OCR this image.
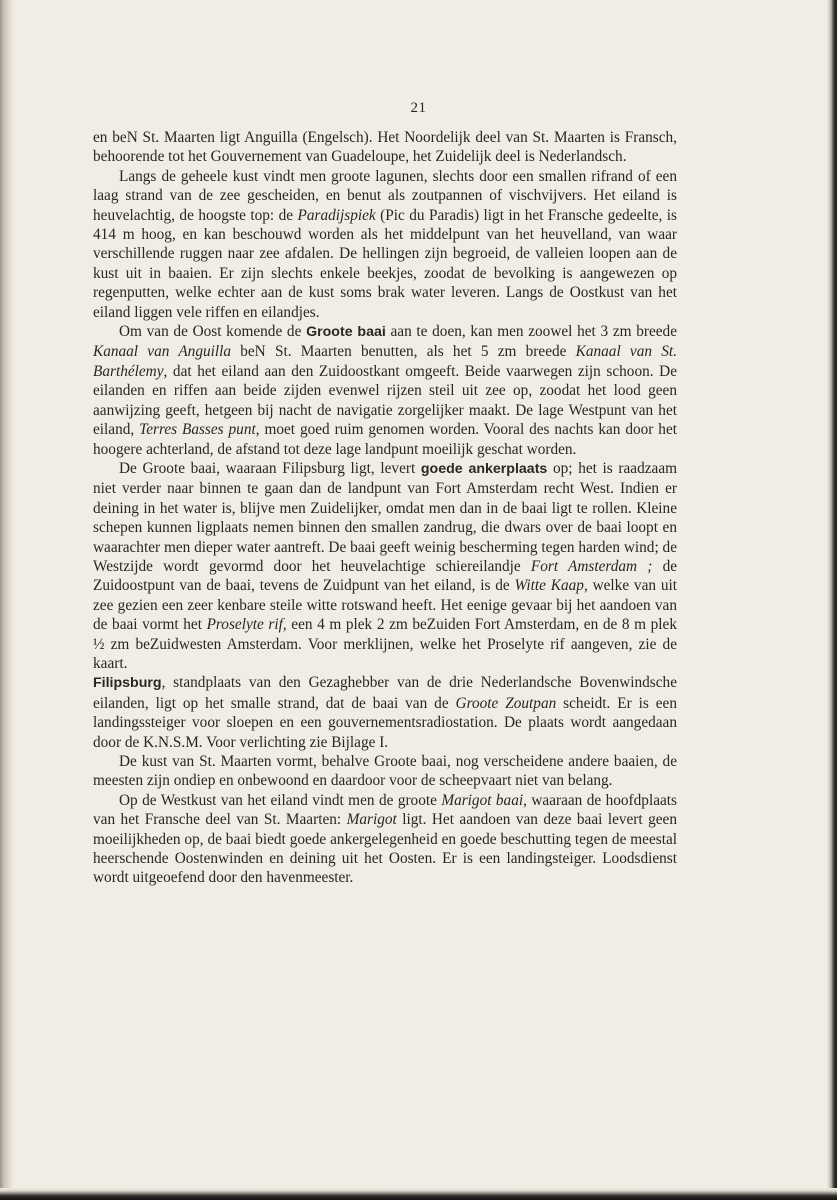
21

en beN St. Maarten ligt Anguilla (Engelsch). Het Noordelijk deel van St. Maarten is Fransch, behoorende tot het Gouvernement van Guadeloupe, het Zuidelijk deel is Nederlandsch.

Langs de geheele kust vindt men groote lagunen, slechts door een smallen rifrand of een laag strand van de zee gescheiden, en benut als zoutpannen of vischvijvers. Het eiland is heuvelachtig, de hoogste top: de Paradijspiek (Pic du Paradis) ligt in het Fransche gedeelte, is 414 m hoog, en kan beschouwd worden als het middelpunt van het heuvelland, van waar verschillende ruggen naar zee afdalen. De hellingen zijn begroeid, de valleien loopen aan de kust uit in baaien. Er zijn slechts enkele beekjes, zoodat de bevolking is aangewezen op regenputten, welke echter aan de kust soms brak water leveren. Langs de Oostkust van het eiland liggen vele riffen en eilandjes.

Om van de Oost komende de Groote baai aan te doen, kan men zoowel het 3 zm breede Kanaal van Anguilla beN St. Maarten benutten, als het 5 zm breede Kanaal van St. Barthélemy, dat het eiland aan den Zuidoostkant omgeeft. Beide vaarwegen zijn schoon. De eilanden en riffen aan beide zijden evenwel rijzen steil uit zee op, zoodat het lood geen aanwijzing geeft, hetgeen bij nacht de navigatie zorgelijker maakt. De lage Westpunt van het eiland, Terres Basses punt, moet goed ruim genomen worden. Vooral des nachts kan door het hoogere achterland, de afstand tot deze lage landpunt moeilijk geschat worden.

De Groote baai, waaraan Filipsburg ligt, levert goede ankerplaats op; het is raadzaam niet verder naar binnen te gaan dan de landpunt van Fort Amsterdam recht West. Indien er deining in het water is, blijve men Zuidelijker, omdat men dan in de baai ligt te rollen. Kleine schepen kunnen ligplaats nemen binnen den smallen zandrug, die dwars over de baai loopt en waarachter men dieper water aantreft. De baai geeft weinig bescherming tegen harden wind; de Westzijde wordt gevormd door het heuvelachtige schiereilandje Fort Amsterdam ; de Zuidoostpunt van de baai, tevens de Zuidpunt van het eiland, is de Witte Kaap, welke van uit zee gezien een zeer kenbare steile witte rotswand heeft. Het eenige gevaar bij het aandoen van de baai vormt het Proselyte rif, een 4 m plek 2 zm beZuiden Fort Amsterdam, en de 8 m plek ½ zm beZuidwesten Amsterdam. Voor merklijnen, welke het Proselyte rif aangeven, zie de kaart.

Filipsburg, standplaats van den Gezaghebber van de drie Nederlandsche Bovenwindsche eilanden, ligt op het smalle strand, dat de baai van de Groote Zoutpan scheidt. Er is een landingssteiger voor sloepen en een gouvernementsradiostation. De plaats wordt aangedaan door de K.N.S.M. Voor verlichting zie Bijlage I.

De kust van St. Maarten vormt, behalve Groote baai, nog verscheidene andere baaien, de meesten zijn ondiep en onbewoond en daardoor voor de scheepvaart niet van belang.

Op de Westkust van het eiland vindt men de groote Marigot baai, waaraan de hoofdplaats van het Fransche deel van St. Maarten: Marigot ligt. Het aandoen van deze baai levert geen moeilijkheden op, de baai biedt goede ankergelegenheid en goede beschutting tegen de meestal heerschende Oostenwinden en deining uit het Oosten. Er is een landingsteiger. Loodsdienst wordt uitgeoefend door den havenmeester.
